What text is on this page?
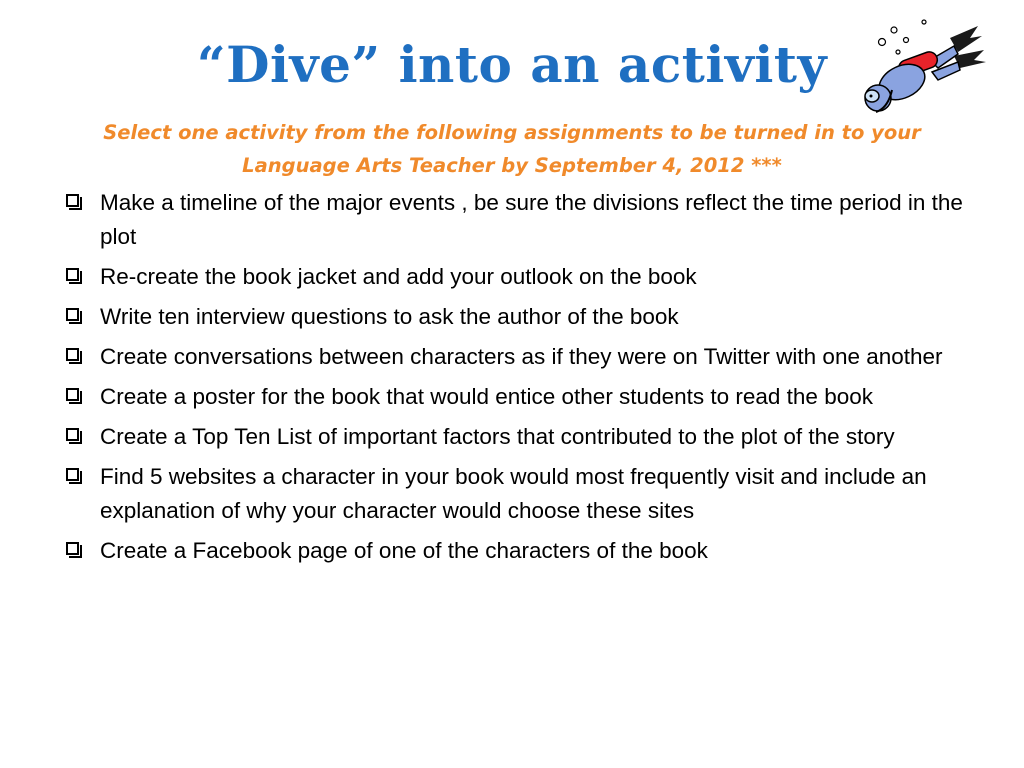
“Dive” into an activity

Select one activity from the following assignments to be turned in to your Language Arts Teacher by September 4, 2012 ***

Make a timeline of the major events , be sure the divisions reflect the time period in the plot
Re-create the book jacket and add your outlook on the book
Write ten interview questions to ask the author of the book
Create conversations between characters as if they were on Twitter with one another
Create a poster for the book that would entice other students to read the book
Create a Top Ten List of important factors that contributed to the plot of the story
Find 5 websites a character in your book would most frequently visit and include an explanation of why your character would choose these sites
Create a Facebook page of one of the characters of the book
